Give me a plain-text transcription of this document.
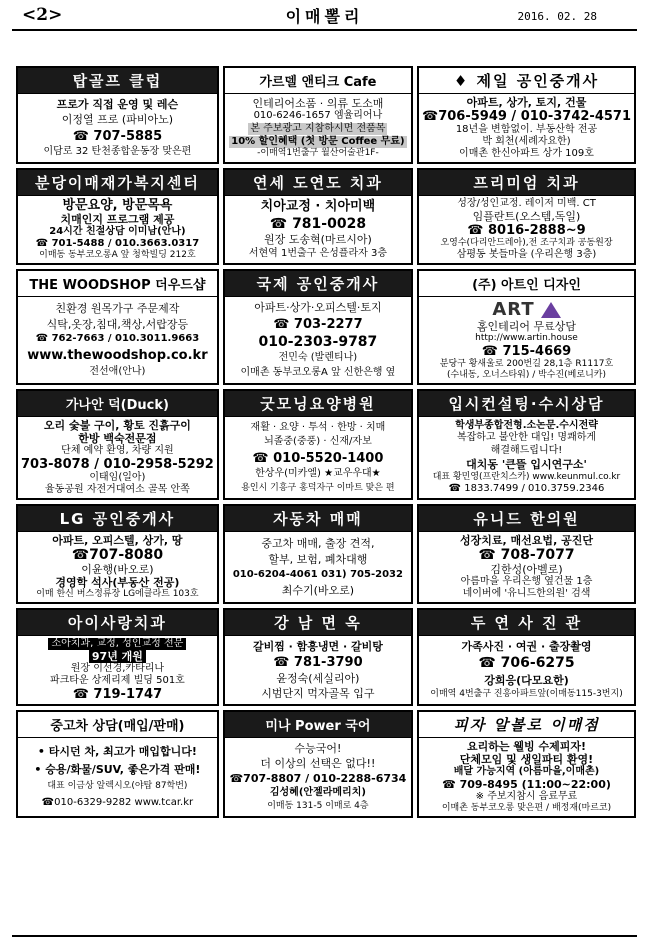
<2>	이매뽈리	2016. 02. 28
탑골프 클럽
프로가 직접 운영 및 레슨
이정열 프로 (파비아노)
☎ 707-5885
이담로 32 탄천종합운동장 맞은편
가르델 앤티크 Cafe
인테리어소품 · 의류 도소매
010-6246-1657 엠율리어나
본 주보광고 지참하시면 전품목
10% 할인혜택 (첫 방문 Coffee 무료)
-이매역1번출구 월산어술관1F-
♦ 제일 공인중개사
아파트, 상가, 토지, 건물
☎706-5949 / 010-3742-4571
18년을 변함없이. 부동산학 전공
박 회천(세례자요한)
이매촌 한신아파트 상가 109호
분당이매재가복지센터
방문요양, 방문목욕
치매인지 프로그램 제공
24시간 친절상담 이미남(안나)
☎ 701-5488 / 010.3663.0317
이매동 동부코오롱A 앞 청학빌딩 212호
연세 도연도 치과
치아교정 · 치아미백
☎ 781-0028
원장 도송혁(마르시아)
서현역 1번출구 은성플라자 3층
프리미엄 치과
성장/성인교정. 레이저 미백. CT
임플란트(오스템,독일)
☎ 8016-2888~9
오영수(다리안드레아),전 조구치과 공동원장
삼평동 봇들마을 (우리은행 3층)
THE WOODSHOP 더우드샵
친환경 원목가구 주문제작
식탁,옷장,침대,책상,서랍장등
☎ 762-7663 / 010.3011.9663
www.thewoodshop.co.kr
전선애(안나)
국제 공인중개사
아파트·상가·오피스텔·토지
☎ 703-2277
010-2303-9787
전민숙 (발렌티나)
이매촌 동부코오롱A 앞 신한은행 옆
(주) 아트인 디자인
ART
홈인테리어 무료상담
http://www.artin.house
☎ 715-4669
분당구 황새울로 200번길 28,1층 R1117호
(수내동, 오너스타워) / 박수진(베로니카)
가나안 덕(Duck)
오리 숯불 구이, 황토 진흙구이
한방 백숙전문점
단체 예약 환영, 차량 지원
703-8078 / 010-2958-5292
이태임(일아)
율동공원 자전거대여소 골목 안쪽
굿모닝요양병원
재활 · 요양 · 투석 · 한방 · 치매
뇌졸중(중풍) · 신재/자보
☎ 010-5520-1400
한상우(미카엘) ★교우우대★
용인시 기흥구 홍덕자구 이마트 맞은 편
입시컨설팅·수시상담
학생부종합전형.소논문.수시전략
복잡하고 불안한 대입! 명쾌하게
해결해드립니다!
대치동 '큰뜰 입시연구소'
대표 황민영(프란치스카) www.keunmul.co.kr
☎ 1833.7499 / 010.3759.2346
LG 공인중개사
아파트, 오피스텔, 상가, 땅
☎707-8080
이윤행(바오로)
경영학 석사(부동산 전공)
이매 한신 버스정류장 LG에클라트 103호
자동차 매매
중고차 매매, 출장 견적,
할부, 보험, 폐차대행
010-6204-4061 031) 705-2032
최수기(바오로)
유니드 한의원
성장치료, 매선요법, 공진단
☎ 708-7077
김한성(아벨로)
아름마을 우리은행 옆건물 1층
네이버에 '유니드한의원' 검색
아이사랑치과
소아치과, 교정, 성인교정 전문
97년 개원
원장 이선경,카타리나
파크타운 상제리제 빌딩 501호
☎ 719-1747
강 남 면 옥
갈비찜 · 함흥냉면 · 갈비탕
☎ 781-3790
윤정숙(세실리아)
시범단지 먹자골목 입구
두 연 사 진 관
가족사진 · 여권 · 출장촬영
☎ 706-6275
강희응(다모요한)
이매역 4번출구 진흥아파트앞(이매동115-3번지)
중고차 상담(매입/판매)
• 타시던 차, 최고가 매입합니다!
• 승용/화물/SUV, 좋은가격 판매!
대표 이금상 알렉시오(야탑 87학번)
☎010-6329-9282 www.tcar.kr
미나 Power 국어
수능국어!
더 이상의 선택은 없다!!
☎707-8807 / 010-2288-6734
김성혜(안젤라메리치)
이매동 131-5 이매로 4층
피자 알볼로 이매점
요리하는 웰빙 수제피자!
단체모임 및 생일파티 환영!
배달 가능지역 (아름마을,이매촌)
☎ 709-8495 (11:00~22:00)
※ 주보지참시 음료무료
이매촌 동부코오롱 맞은편 / 배정재(마르코)
